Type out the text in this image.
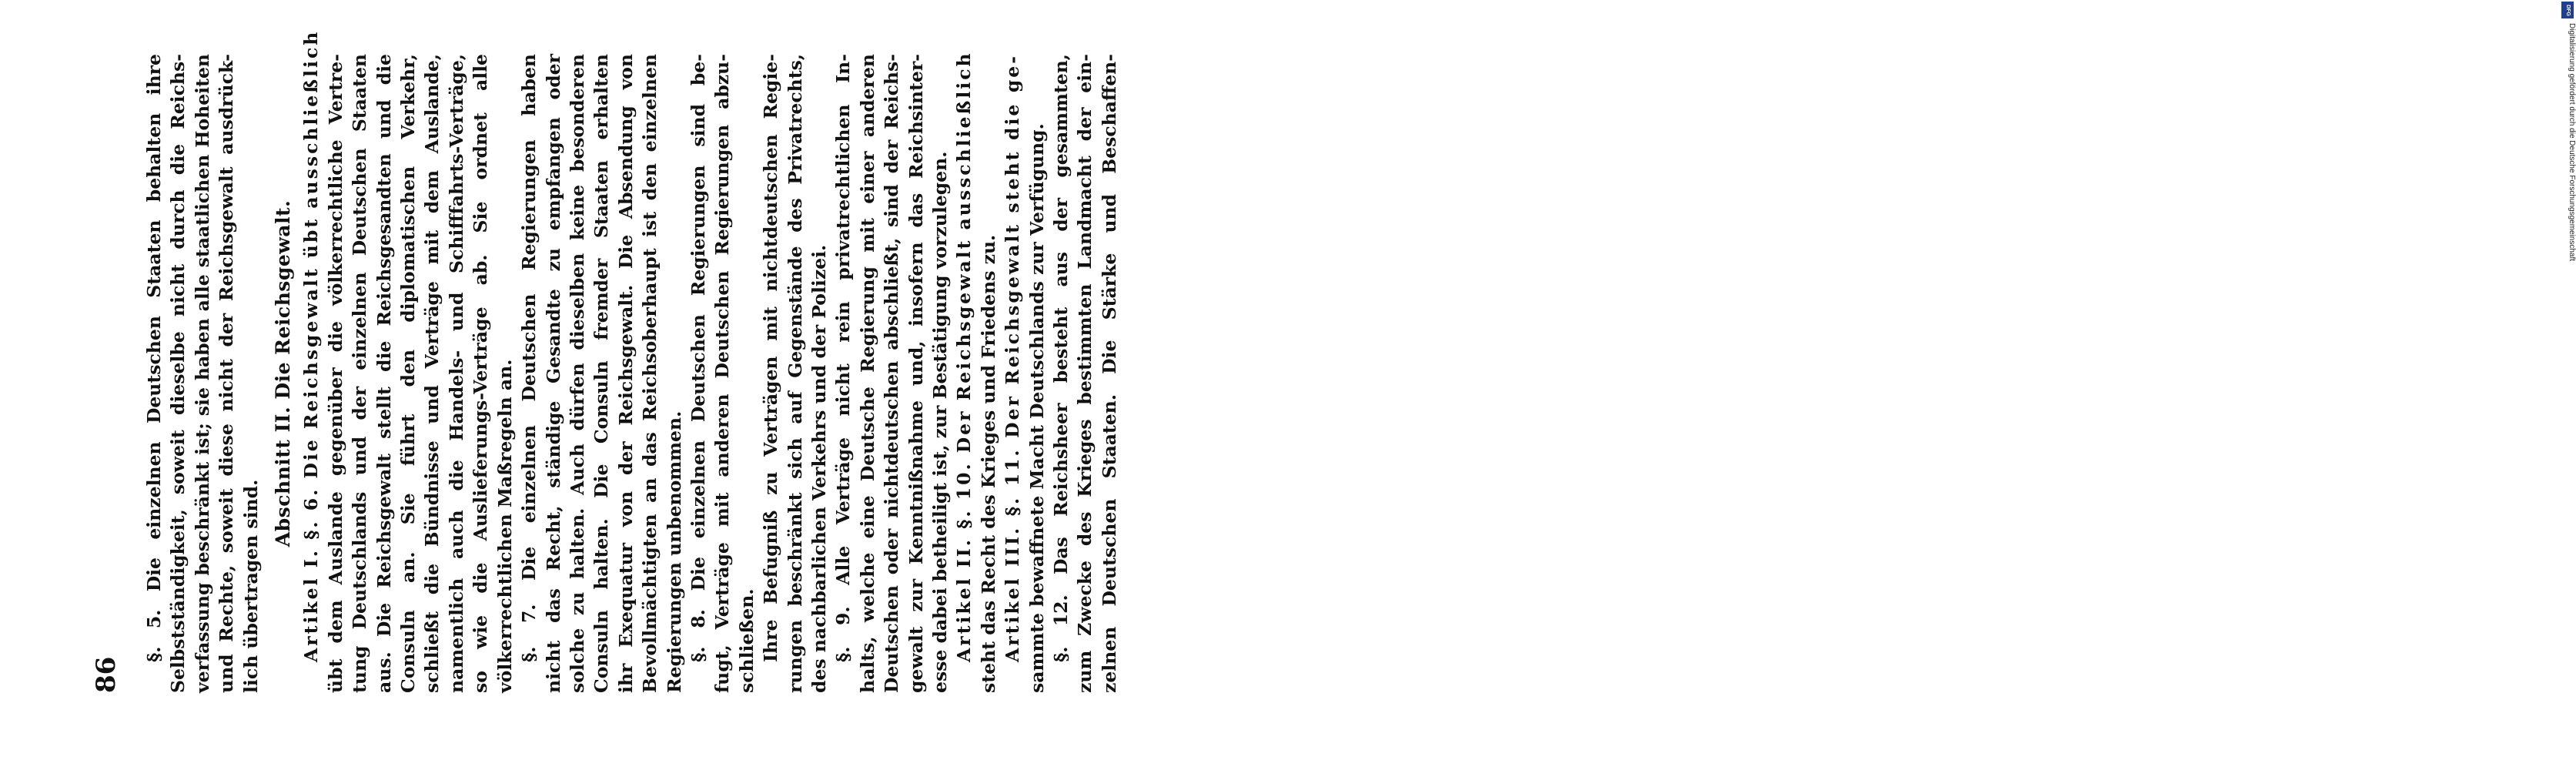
86
§. 5. Die einzelnen Deutschen Staaten behalten ihre Selbstständigkeit, soweit dieselbe nicht durch die Reichs- verfassung beschränkt ist; sie haben alle staatlichen Hoheiten und Rechte, soweit diese nicht der Reichsgewalt ausdrück- lich übertragen sind.
Abschnitt II. Die Reichsgewalt. Artikel I. §. 6. Die Reichsgewalt übt ausschließlich übt dem Auslande gegenüber die völkerrechtliche Vertre- tung Deutschlands und der einzelnen Deutschen Staaten aus. Die Reichsgewalt stellt die Reichsgesandten und die Consuln an. Sie führt den diplomatischen Verkehr, schließt die Bündnisse und Verträge mit dem Auslande, namentlich auch die Handels- und Schifffahrts-Verträge, so wie die Auslieferungs-Verträge ab. Sie ordnet alle völkerrechtlichen Maßregeln an. §. 7. Die einzelnen Deutschen Regierungen haben nicht das Recht, ständige Gesandte zu empfangen oder solche zu halten. Auch dürfen dieselben keine besonderen Consuln halten. Die Consuln fremder Staaten erhalten ihr Exequatur von der Reichsgewalt. Die Absendung von Bevollmächtigten an das Reichsoberhaupt ist den einzelnen Regierungen unbenommen. §. 8. Die einzelnen Deutschen Regierungen sind be- fugt, Verträge mit anderen Deutschen Regierungen abzu- schließen. Ihre Befugniß zu Verträgen mit nichtdeutschen Regie- rungen beschränkt sich auf Gegenstände des Privatrechts, des nachbarlichen Verkehrs und der Polizei. §. 9. Alle Verträge nicht rein privatrechtlichen In- halts, welche eine Deutsche Regierung mit einer anderen Deutschen oder nichtdeutschen abschließt, sind der Reichs- gewalt zur Kenntnißnahme und, insofern das Reichsinter- esse dabei betheiligt ist, zur Bestätigung vorzulegen. Artikel II. §. 10. Der Reichsgewalt ausschließlich steht das Recht des Krieges und Friedens zu. Artikel III. §. 11. Der Reichsgewalt steht die ge- sammte bewaffnete Macht Deutschlands zur Verfügung. §. 12. Das Reichsheer besteht aus der gesammten, zum Zwecke des Krieges bestimmten Landmacht der ein- zelnen Deutschen Staaten. Die Stärke und Beschaffen-
DFG
Digitalisierung gefördert durch die Deutsche Forschungsgemeinschaft
